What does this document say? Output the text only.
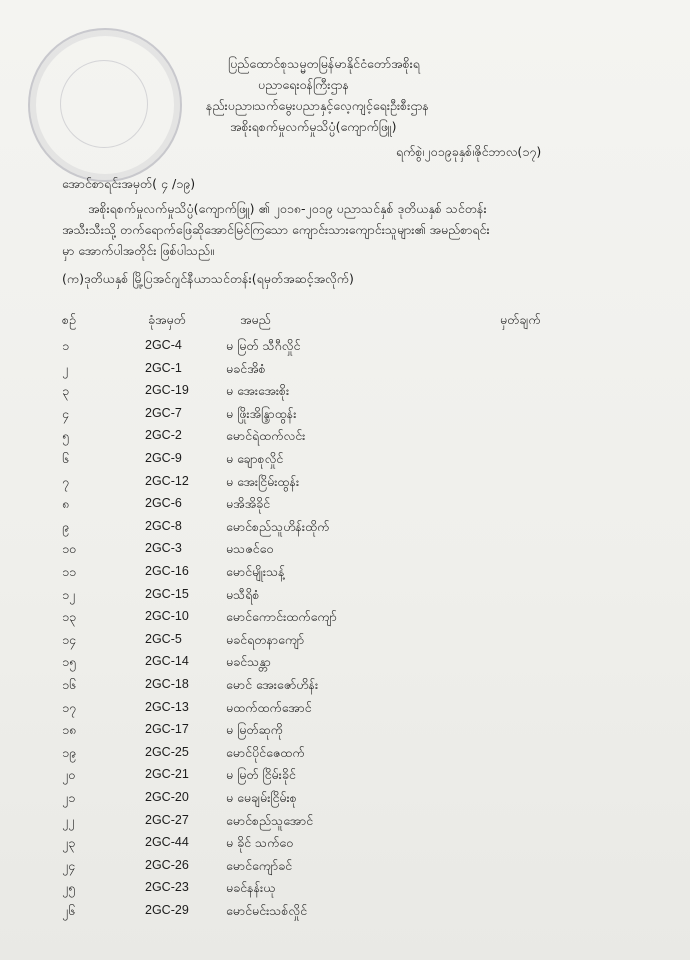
ပြည်ထောင်စုသမ္မတမြန်မာနိုင်ငံတော်အစိုးရ
ပညာရေးဝန်ကြီးဌာန
နည်းပညာ၊သက်မွေးပညာနှင့်လေ့ကျင့်ရေးဦးစီးဌာန
အစိုးရစက်မှုလက်မှုသိပ္ပံ(ကျောက်ဖြူ)
ရက်စွဲ၊၂၀၁၉ခုနှစ်၊ဇိုင်ဘာလ(၁၇)
အောင်စာရင်းအမှတ်( ၄ /၁၉)

အစိုးရစက်မှုလက်မှုသိပ္ပံ(ကျောက်ဖြူ) ၏ ၂၀၁၈-၂၀၁၉ ပညာသင်နှစ် ဒုတိယနှစ် သင်တန်း

အသီးသီးသို့ တက်ရောက်ဖြေဆိုအောင်မြင်ကြသော ကျောင်းသားကျောင်းသူများ၏ အမည်စာရင်း

မှာ အောက်ပါအတိုင်း ဖြစ်ပါသည်။

(က)ဒုတိယနှစ် မြို့ပြအင်ဂျင်နီယာသင်တန်း(ရမှတ်အဆင့်အလိုက်)
စဥ်	ခုံအမှတ်	အမည်	မှတ်ချက်
၁	2GC-4	မ မြတ် သီဂီလှိုင်
၂	2GC-1	မခင်အိစံ
၃	2GC-19	မ အေးအေးစိုး
၄	2GC-7	မ ဖြိုးအိန္ဒြာထွန်း
၅	2GC-2	မောင်ရဲထက်လင်း
၆	2GC-9	မ ချောစုလှိုင်
၇	2GC-12	မ အေးငြိမ်းထွန်း
၈	2GC-6	မအိအိခိုင်
၉	2GC-8	မောင်စည်သူဟိန်းထိုက်
၁၀	2GC-3	မသဇင်ဝေ
၁၁	2GC-16	မောင်မျိုးသန့်
၁၂	2GC-15	မသီရိစံ
၁၃	2GC-10	မောင်ကောင်းထက်ကျော်
၁၄	2GC-5	မခင်ရတနာကျော်
၁၅	2GC-14	မခင်သန္တာ
၁၆	2GC-18	မောင် အေးဇော်ဟိန်း
၁၇	2GC-13	မထက်ထက်အောင်
၁၈	2GC-17	မ မြတ်ဆုကို
၁၉	2GC-25	မောင်ပိုင်ဇေထက်
၂၀	2GC-21	မ မြတ် ငြိမ်းခိုင်
၂၁	2GC-20	မ မေချမ်းငြိမ်းစု
၂၂	2GC-27	မောင်စည်သူအောင်
၂၃	2GC-44	မ ခိုင် သက်ဝေ
၂၄	2GC-26	မောင်ကျော်ခင်
၂၅	2GC-23	မခင်နန်းယု
၂၆	2GC-29	မောင်မင်းသစ်လှိုင်
